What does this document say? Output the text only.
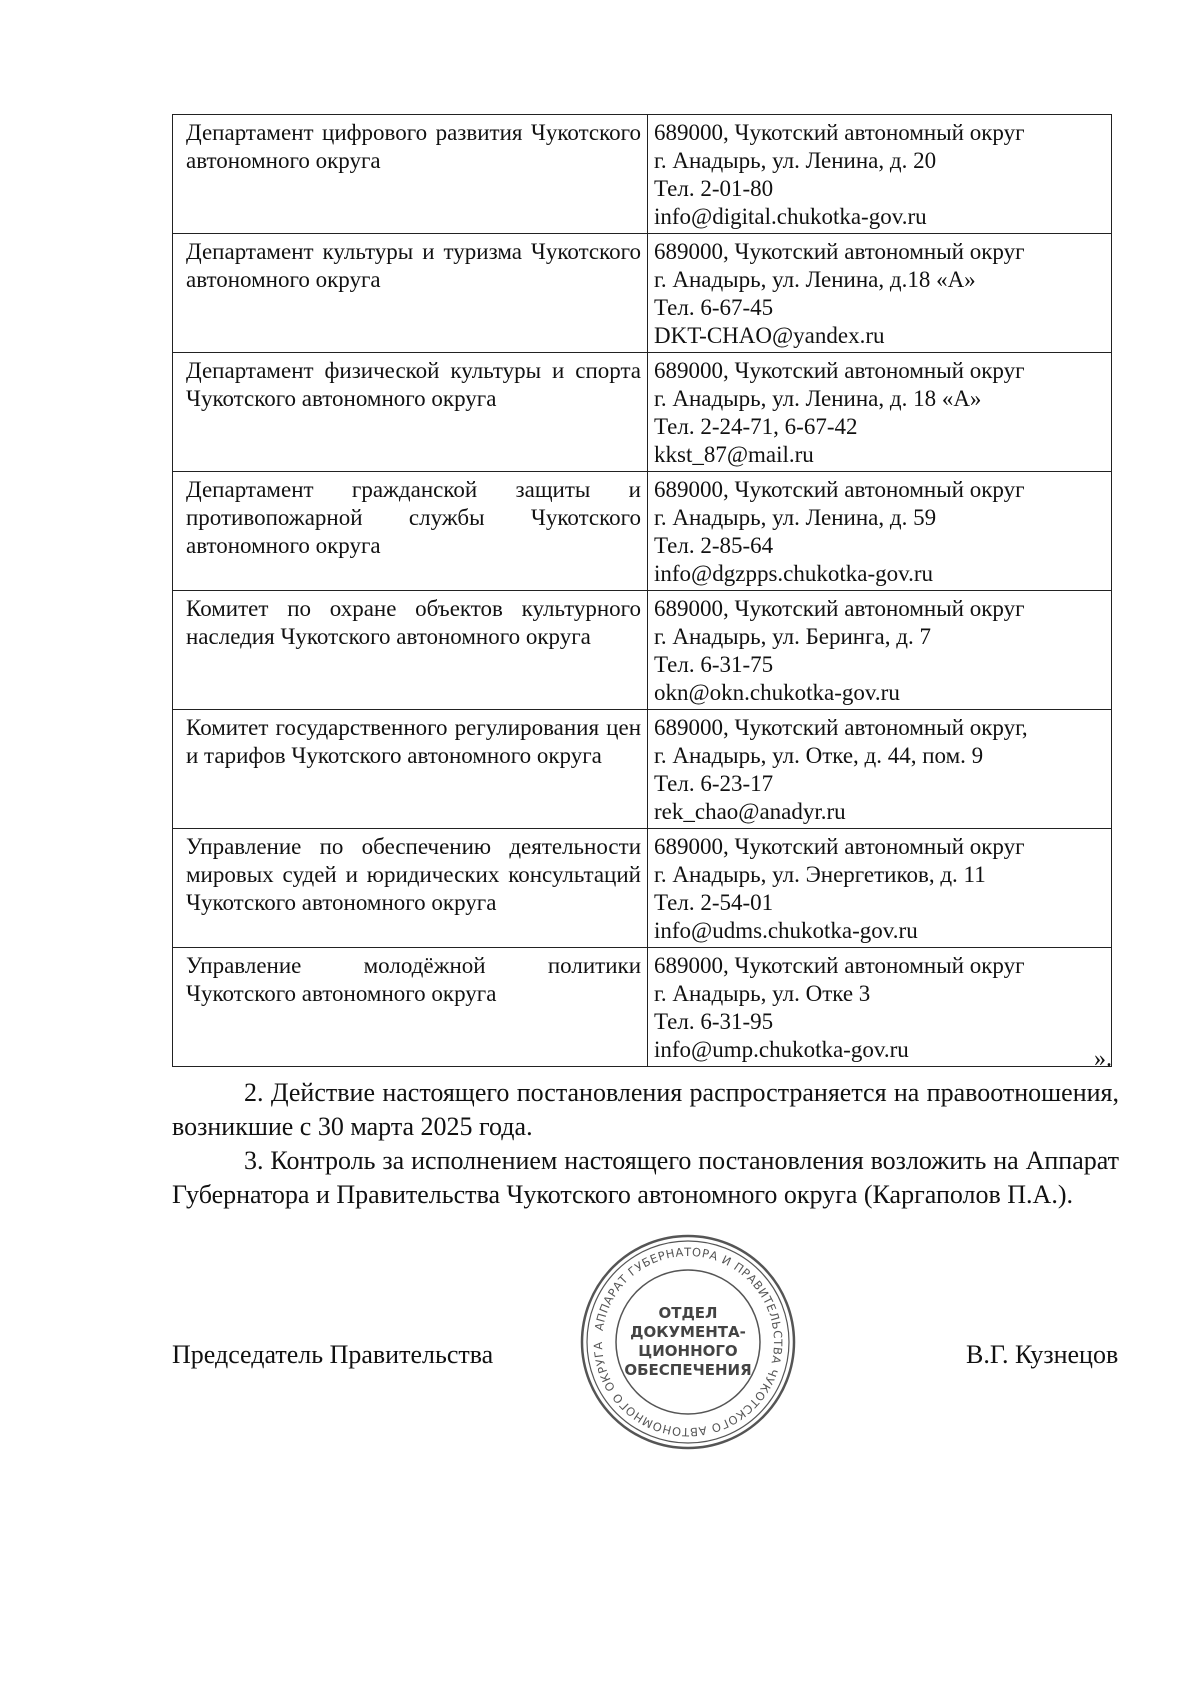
Департамент цифрового развития Чукотского автономного округа	689000, Чукотский автономный округ
г. Анадырь, ул. Ленина, д. 20
Тел. 2-01-80
info@digital.chukotka-gov.ru

Департамент культуры и туризма Чукотского автономного округа	689000, Чукотский автономный округ
г. Анадырь, ул. Ленина, д.18 «А»
Тел. 6-67-45
DKT-CHAO@yandex.ru

Департамент физической культуры и спорта Чукотского автономного округа	689000, Чукотский автономный округ
г. Анадырь, ул. Ленина, д. 18 «А»
Тел. 2-24-71, 6-67-42
kkst_87@mail.ru

Департамент гражданской защиты и противопожарной службы Чукотского автономного округа	689000, Чукотский автономный округ
г. Анадырь, ул. Ленина, д. 59
Тел. 2-85-64
info@dgzpps.chukotka-gov.ru

Комитет по охране объектов культурного наследия Чукотского автономного округа	689000, Чукотский автономный округ
г. Анадырь, ул. Беринга, д. 7
Тел. 6-31-75
okn@okn.chukotka-gov.ru

Комитет государственного регулирования цен и тарифов Чукотского автономного округа	689000, Чукотский автономный округ,
г. Анадырь, ул. Отке, д. 44, пом. 9
Тел. 6-23-17
rek_chao@anadyr.ru

Управление по обеспечению деятельности мировых судей и юридических консультаций Чукотского автономного округа	689000, Чукотский автономный округ
г. Анадырь, ул. Энергетиков, д. 11
Тел. 2-54-01
info@udms.chukotka-gov.ru

Управление молодёжной политики Чукотского автономного округа	689000, Чукотский автономный округ
г. Анадырь, ул. Отке 3
Тел. 6-31-95
info@ump.chukotka-gov.ru	».
2. Действие настоящего постановления распространяется на правоотношения, возникшие с 30 марта 2025 года.
3. Контроль за исполнением настоящего постановления возложить на Аппарат Губернатора и Правительства Чукотского автономного округа (Каргаполов П.А.).
Председатель Правительства	В.Г. Кузнецов
АППАРАТ ГУБЕРНАТОРА И ПРАВИТЕЛЬСТВА ЧУКОТСКОГО АВТОНОМНОГО ОКРУГА
ОТДЕЛ
ДОКУМЕНТА-
ЦИОННОГО
ОБЕСПЕЧЕНИЯ
